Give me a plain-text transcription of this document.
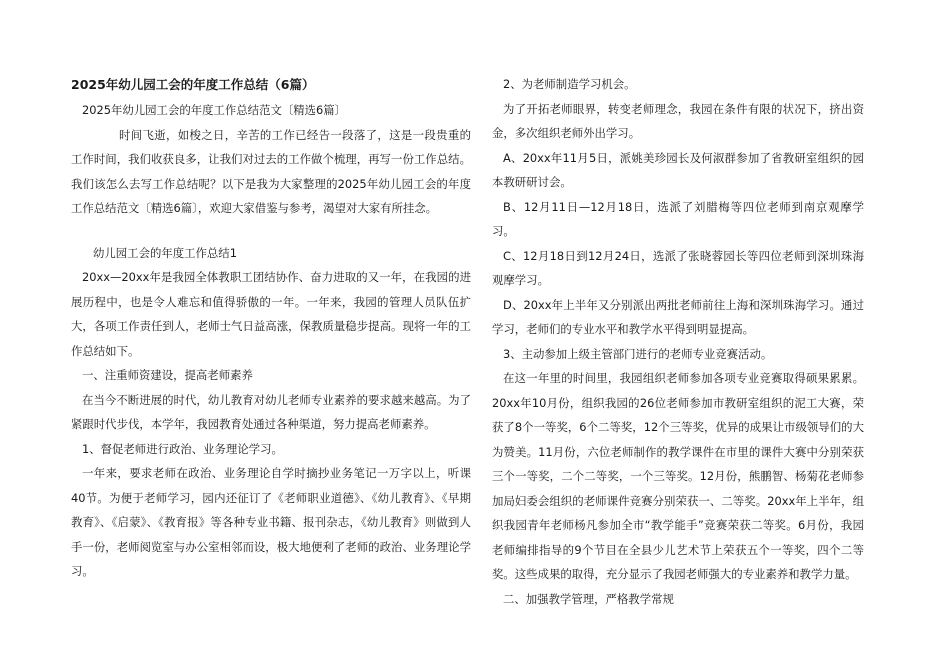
2025年幼儿园工会的年度工作总结（6篇）

2025年幼儿园工会的年度工作总结范文〔精选6篇〕

时间飞逝，如梭之日，辛苦的工作已经告一段落了，这是一段贵重的工作时间，我们收获良多，让我们对过去的工作做个梳理，再写一份工作总结。我们该怎么去写工作总结呢？以下是我为大家整理的2025年幼儿园工会的年度工作总结范文〔精选6篇〕，欢迎大家借鉴与参考，渴望对大家有所挂念。

幼儿园工会的年度工作总结1

20xx—20xx年是我园全体教职工团结协作、奋力进取的又一年，在我园的进展历程中，也是令人难忘和值得骄傲的一年。一年来，我园的管理人员队伍扩大，各项工作责任到人，老师士气日益高涨，保教质量稳步提高。现将一年的工作总结如下。

一、注重师资建设，提高老师素养

在当今不断进展的时代，幼儿教育对幼儿老师专业素养的要求越来越高。为了紧跟时代步伐，本学年，我园教育处通过各种渠道，努力提高老师素养。

1、督促老师进行政治、业务理论学习。

一年来，要求老师在政治、业务理论自学时摘抄业务笔记一万字以上，听课40节。为便于老师学习，园内还征订了《老师职业道德》、《幼儿教育》、《早期教育》、《启蒙》、《教育报》等各种专业书籍、报刊杂志，《幼儿教育》则做到人手一份，老师阅览室与办公室相邻而设，极大地便利了老师的政治、业务理论学习。

2、为老师制造学习机会。

为了开拓老师眼界，转变老师理念，我园在条件有限的状况下，挤出资金，多次组织老师外出学习。

A、20xx年11月5日，派姚美珍园长及何淑群参加了省教研室组织的园本教研研讨会。

B、12月11日—12月18日，选派了刘腊梅等四位老师到南京观摩学习。

C、12月18日到12月24日，选派了张晓蓉园长等四位老师到深圳珠海观摩学习。

D、20xx年上半年又分别派出两批老师前往上海和深圳珠海学习。通过学习，老师们的专业水平和教学水平得到明显提高。

3、主动参加上级主管部门进行的老师专业竞赛活动。

在这一年里的时间里，我园组织老师参加各项专业竞赛取得硕果累累。20xx年10月份，组织我园的26位老师参加市教研室组织的泥工大赛，荣获了8个一等奖，6个二等奖，12个三等奖，优异的成果让市级领导们的大为赞美。11月份，六位老师制作的教学课件在市里的课件大赛中分别荣获三个一等奖，二个二等奖，一个三等奖。12月份，熊鹏智、杨菊花老师参加局妇委会组织的老师课件竞赛分别荣获一、二等奖。20xx年上半年，组织我园青年老师杨凡参加全市“教学能手”竞赛荣获二等奖。6月份，我园老师编排指导的9个节目在全县少儿艺术节上荣获五个一等奖，四个二等奖。这些成果的取得，充分显示了我园老师强大的专业素养和教学力量。

二、加强教学管理，严格教学常规
